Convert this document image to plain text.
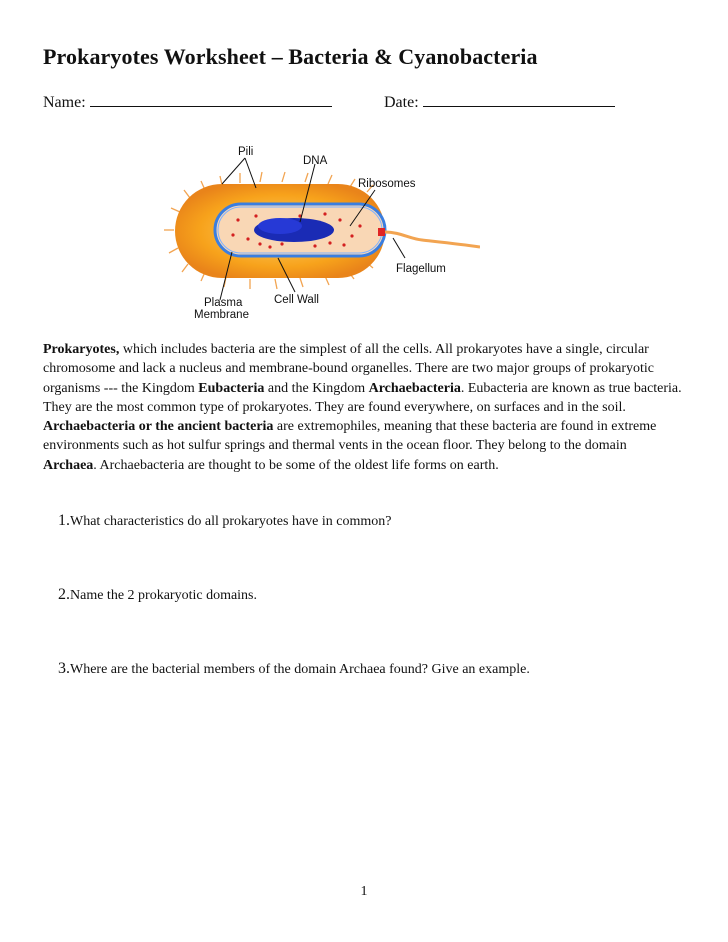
Prokaryotes Worksheet – Bacteria & Cyanobacteria
Name:	Date:
Pili
DNA
Ribosomes
Flagellum
Plasma
Membrane
Cell Wall

Prokaryotes, which includes bacteria are the simplest of all the cells. All prokaryotes have a single, circular chromosome and lack a nucleus and membrane-bound organelles. There are two major groups of prokaryotic organisms --- the Kingdom Eubacteria and the Kingdom Archaebacteria. Eubacteria are known as true bacteria. They are the most common type of prokaryotes. They are found everywhere, on surfaces and in the soil. Archaebacteria or the ancient bacteria are extremophiles, meaning that these bacteria are found in extreme environments such as hot sulfur springs and thermal vents in the ocean floor. They belong to the domain Archaea. Archaebacteria are thought to be some of the oldest life forms on earth.

1.What characteristics do all prokaryotes have in common?

2.Name the 2 prokaryotic domains.

3.Where are the bacterial members of the domain Archaea found? Give an example.

1
